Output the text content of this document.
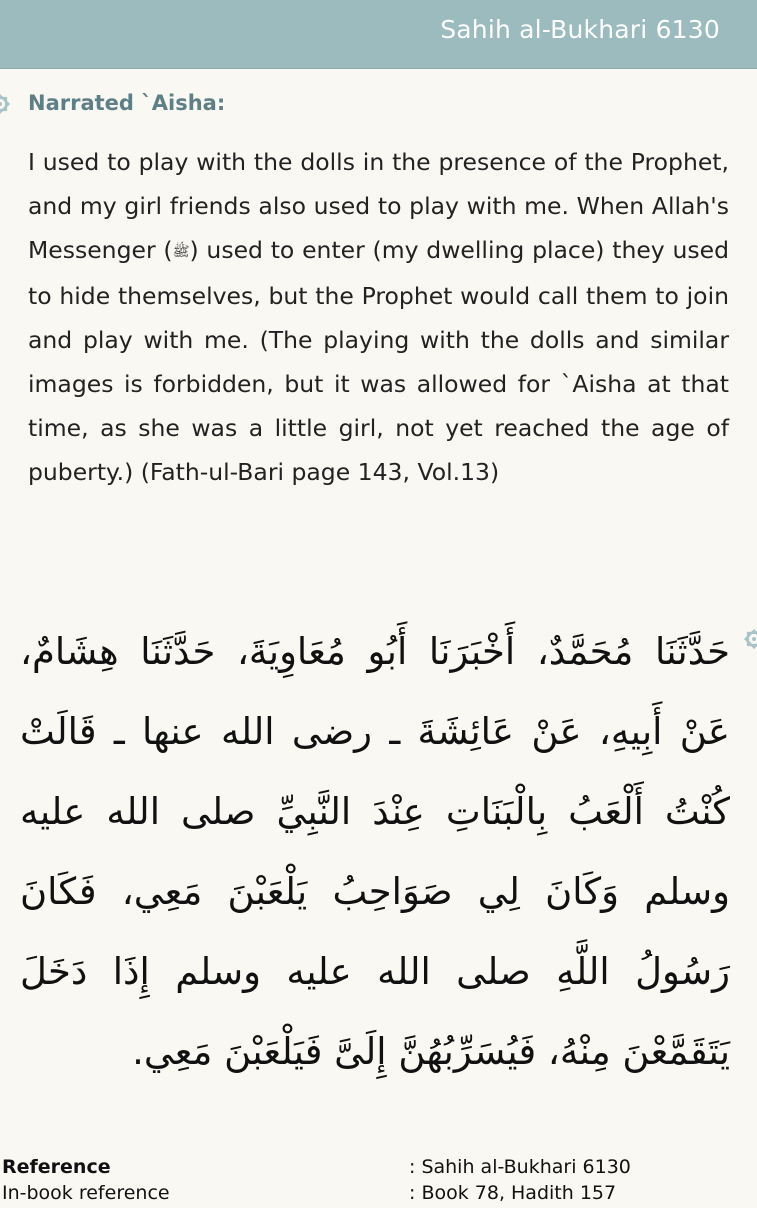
Sahih al-Bukhari 6130
Narrated `Aisha:
I used to play with the dolls in the presence of the Prophet, and my girl friends also used to play with me. When Allah's Messenger (ﷺ) used to enter (my dwelling place) they used to hide themselves, but the Prophet would call them to join and play with me. (The playing with the dolls and similar images is forbidden, but it was allowed for `Aisha at that time, as she was a little girl, not yet reached the age of puberty.) (Fath-ul-Bari page 143, Vol.13)
حَدَّثَنَا مُحَمَّدٌ، أَخْبَرَنَا أَبُو مُعَاوِيَةَ، حَدَّثَنَا هِشَامٌ، عَنْ أَبِيهِ، عَنْ عَائِشَةَ ـ رضى الله عنها ـ قَالَتْ كُنْتُ أَلْعَبُ بِالْبَنَاتِ عِنْدَ النَّبِيِّ صلى الله عليه وسلم وَكَانَ لِي صَوَاحِبُ يَلْعَبْنَ مَعِي، فَكَانَ رَسُولُ اللَّهِ صلى الله عليه وسلم إِذَا دَخَلَ يَتَقَمَّعْنَ مِنْهُ، فَيُسَرِّبُهُنَّ إِلَىَّ فَيَلْعَبْنَ مَعِي.
Reference	: Sahih al-Bukhari 6130
In-book reference	: Book 78, Hadith 157
